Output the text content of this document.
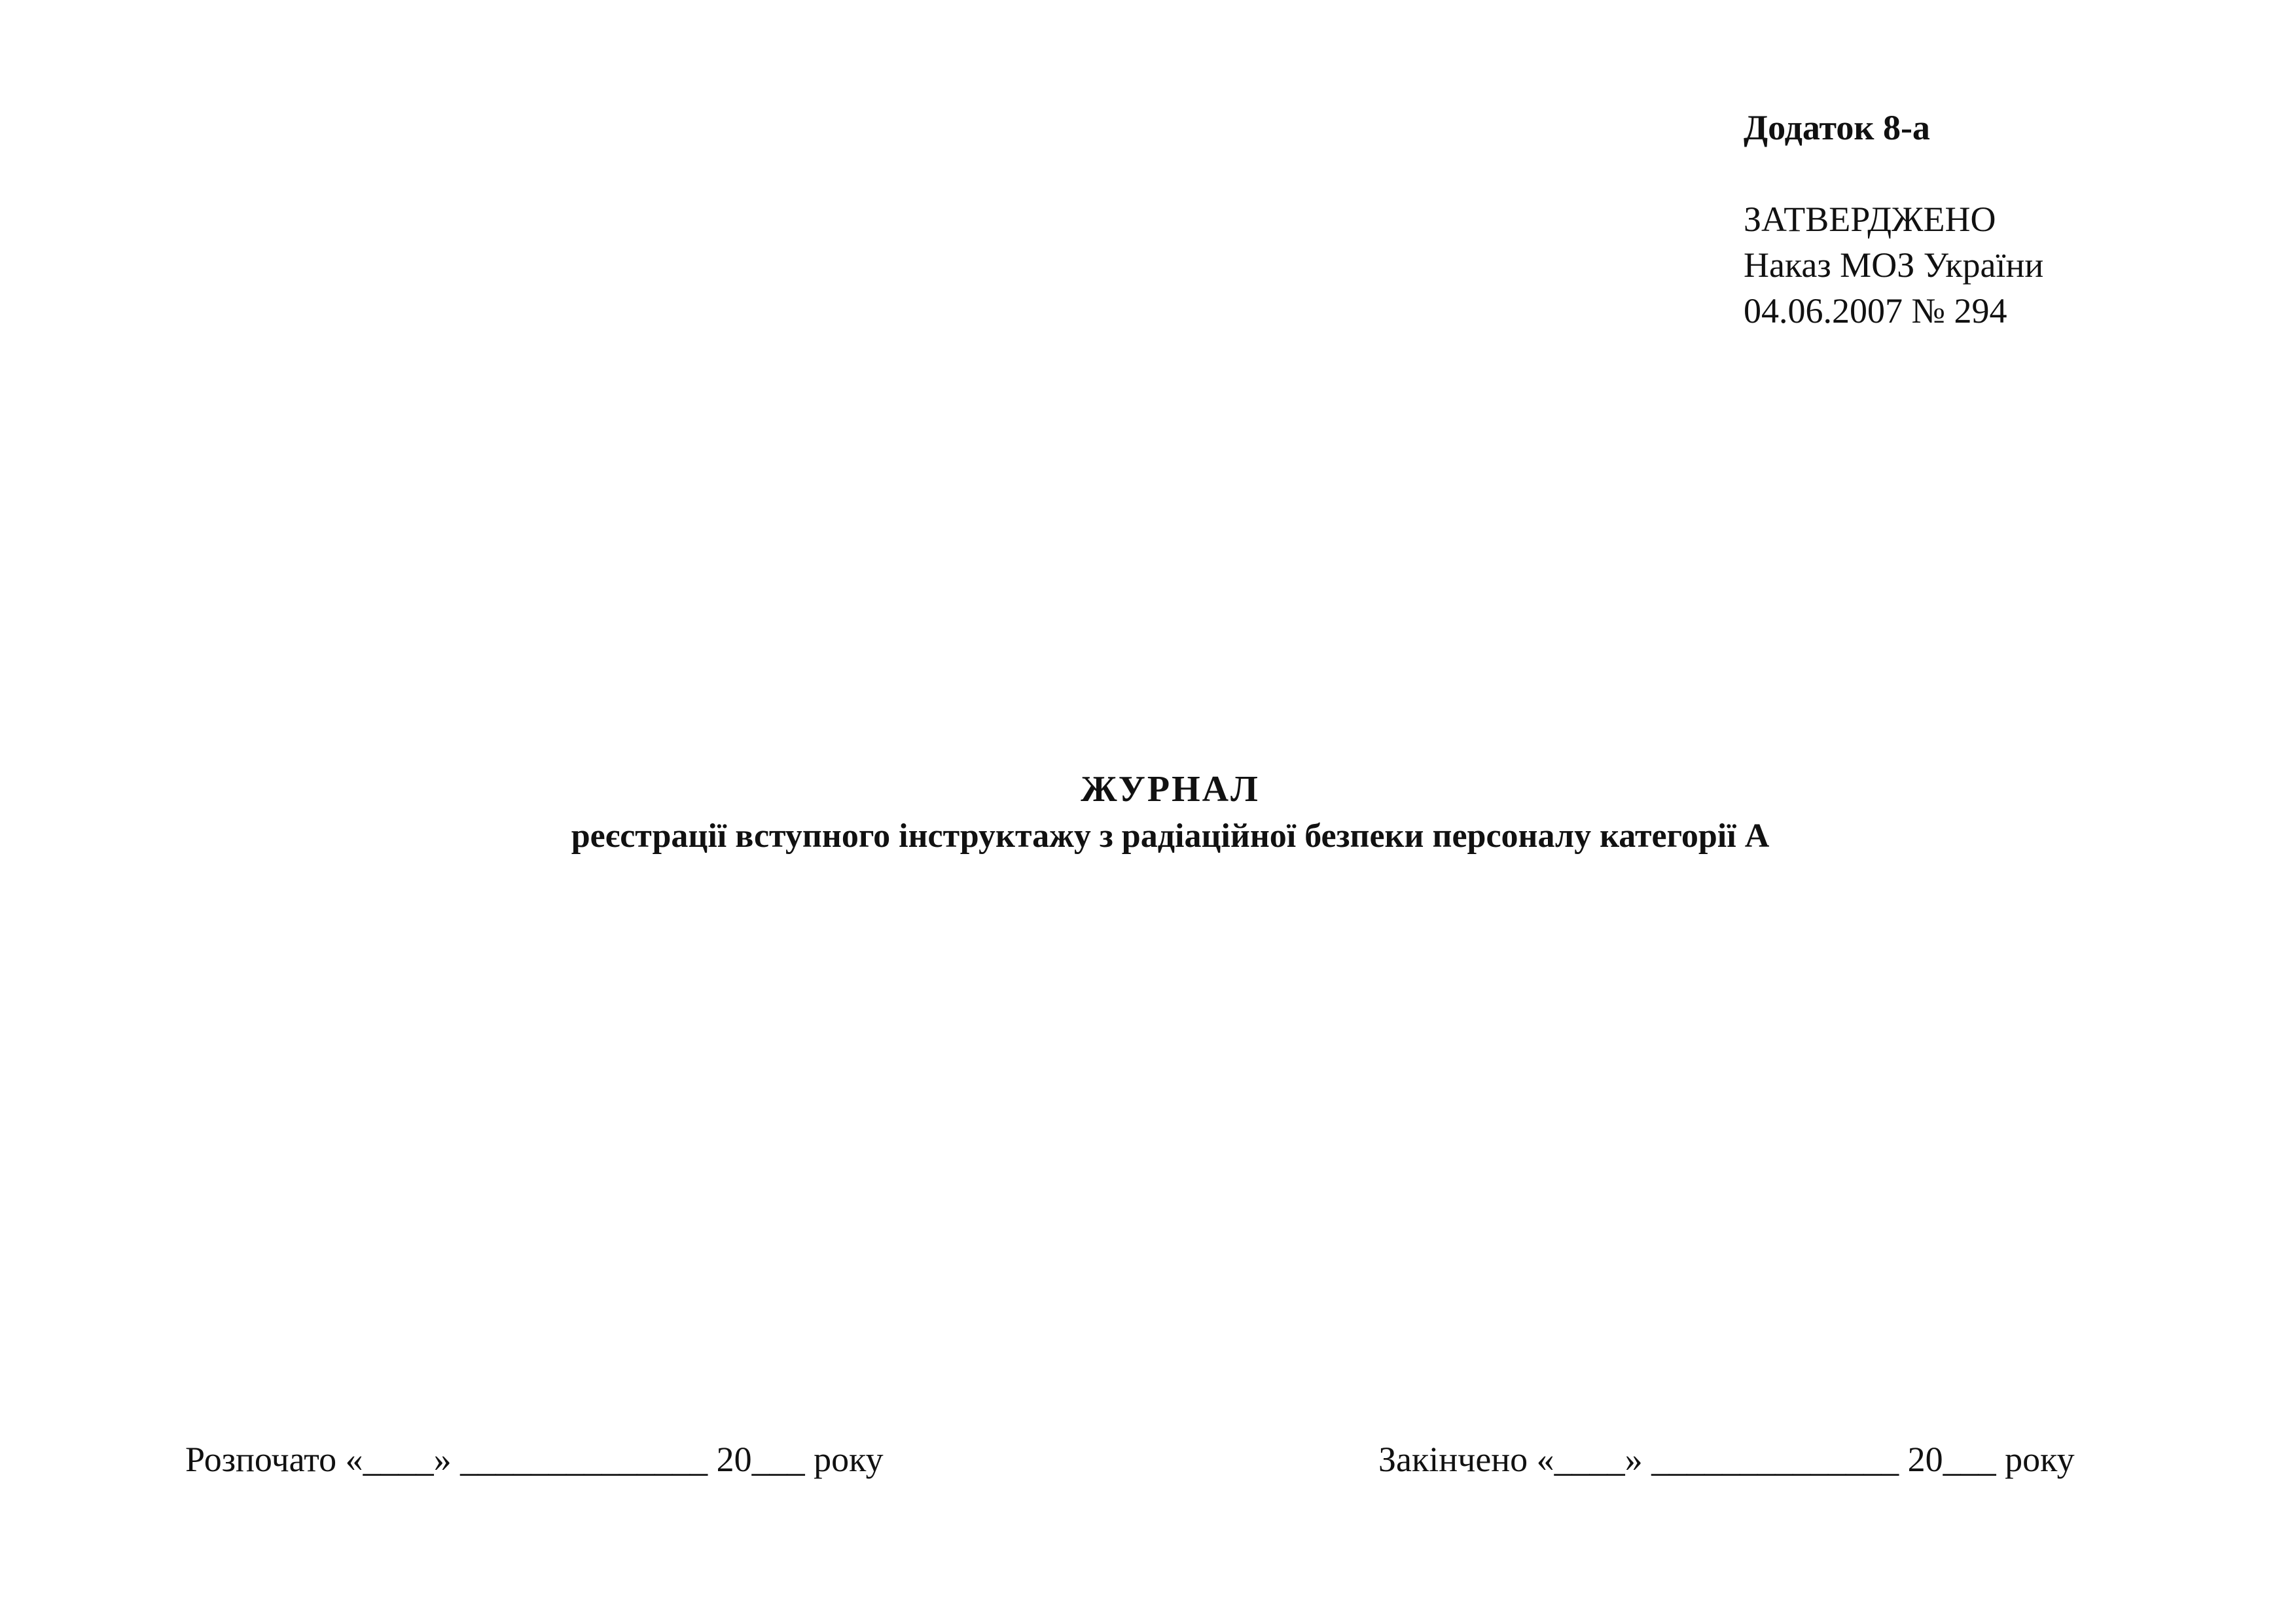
Додаток 8-а
ЗАТВЕРДЖЕНО
Наказ МОЗ України
04.06.2007 № 294
ЖУРНАЛ
реєстрації вступного інструктажу з радіаційної безпеки персоналу категорії А
Розпочато «____» ______________ 20___ року	Закінчено «____» ______________ 20___ року
